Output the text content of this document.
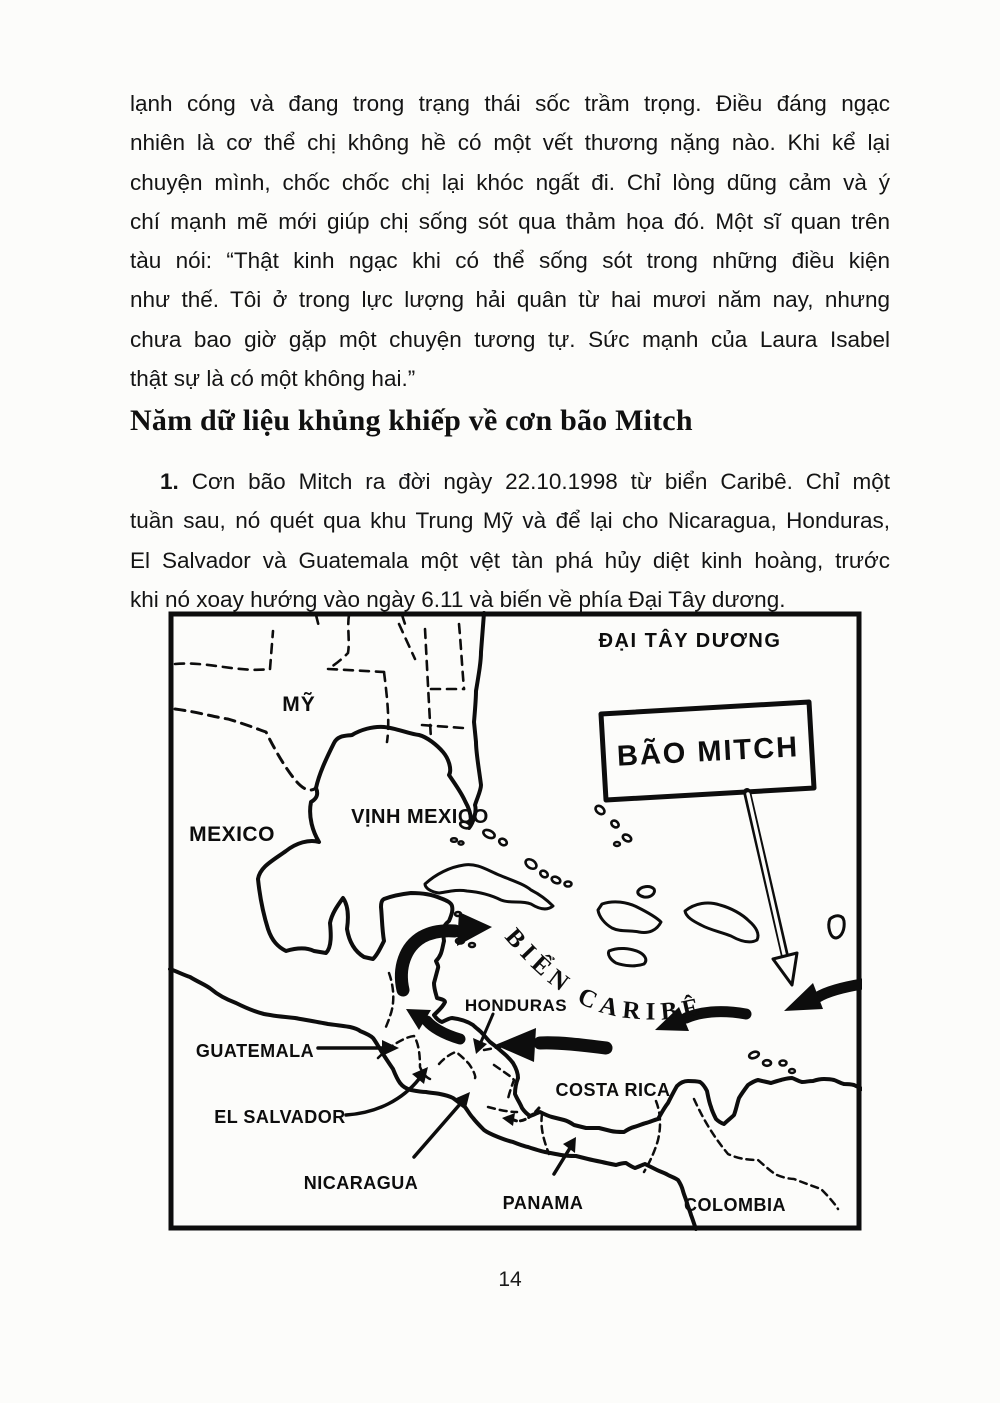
lạnh cóng và đang trong trạng thái sốc trầm trọng. Điều đáng ngạc
nhiên là cơ thể chị không hề có một vết thương nặng nào. Khi kể lại
chuyện mình, chốc chốc chị lại khóc ngất đi. Chỉ lòng dũng cảm và ý
chí mạnh mẽ mới giúp chị sống sót qua thảm họa đó. Một sĩ quan trên
tàu nói: “Thật kinh ngạc khi có thể sống sót trong những điều kiện
như thế. Tôi ở trong lực lượng hải quân từ hai mươi năm nay, nhưng
chưa bao giờ gặp một chuyện tương tự. Sức mạnh của Laura Isabel
thật sự là có một không hai.”
Năm dữ liệu khủng khiếp về cơn bão Mitch
1. Cơn bão Mitch ra đời ngày 22.10.1998 từ biển Caribê. Chỉ một
tuần sau, nó quét qua khu Trung Mỹ và để lại cho Nicaragua, Honduras,
El Salvador và Guatemala một vệt tàn phá hủy diệt kinh hoàng, trước
khi nó xoay hướng vào ngày 6.11 và biến về phía Đại Tây dương.
ĐẠI TÂY DƯƠNG
MỸ
VỊNH MEXICO
MEXICO
BÃO MITCH
BIỂN CARIBÊ
HONDURAS
GUATEMALA
EL SALVADOR
NICARAGUA
COSTA RICA
PANAMA	COLOMBIA
14
